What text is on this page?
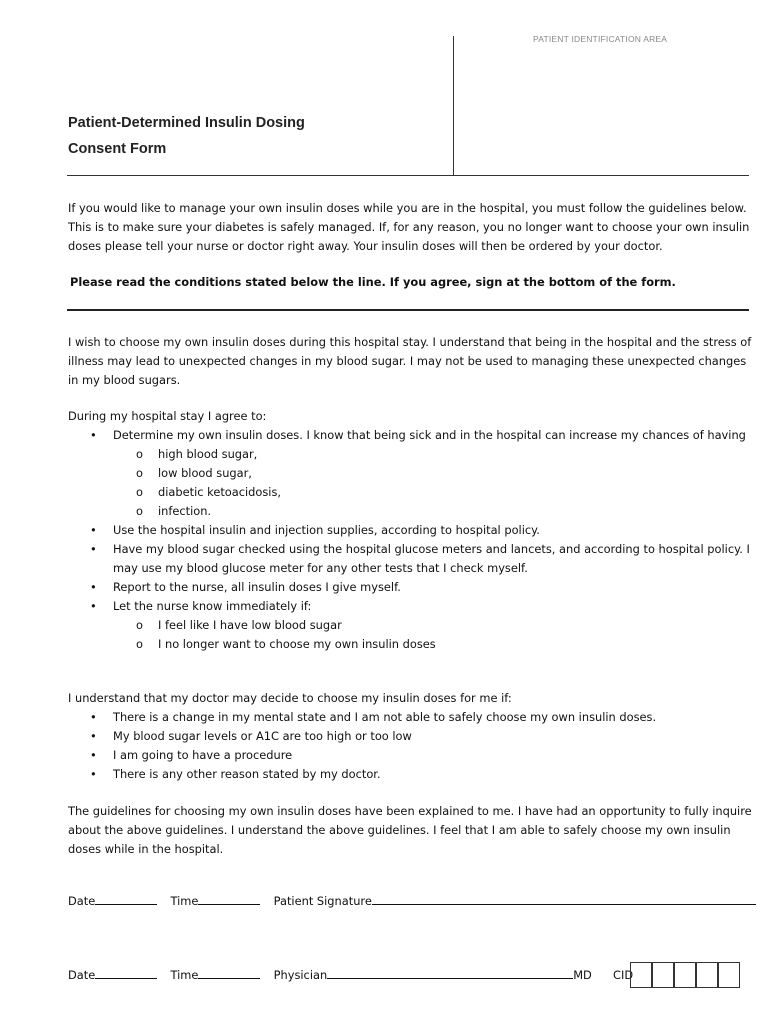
PATIENT IDENTIFICATION AREA
Patient-Determined Insulin Dosing
Consent Form

If you would like to manage your own insulin doses while you are in the hospital, you must follow the guidelines below. This is to make sure your diabetes is safely managed. If, for any reason, you no longer want to choose your own insulin doses please tell your nurse or doctor right away. Your insulin doses will then be ordered by your doctor.

Please read the conditions stated below the line. If you agree, sign at the bottom of the form.

I wish to choose my own insulin doses during this hospital stay. I understand that being in the hospital and the stress of illness may lead to unexpected changes in my blood sugar. I may not be used to managing these unexpected changes in my blood sugars.

During my hospital stay I agree to:

• Determine my own insulin doses. I know that being sick and in the hospital can increase my chances of having
o high blood sugar,
o low blood sugar,
o diabetic ketoacidosis,
o infection.
• Use the hospital insulin and injection supplies, according to hospital policy.
• Have my blood sugar checked using the hospital glucose meters and lancets, and according to hospital policy. I may use my blood glucose meter for any other tests that I check myself.
• Report to the nurse, all insulin doses I give myself.
• Let the nurse know immediately if:
o I feel like I have low blood sugar
o I no longer want to choose my own insulin doses

I understand that my doctor may decide to choose my insulin doses for me if:

• There is a change in my mental state and I am not able to safely choose my own insulin doses.
• My blood sugar levels or A1C are too high or too low
• I am going to have a procedure
• There is any other reason stated by my doctor.

The guidelines for choosing my own insulin doses have been explained to me. I have had an opportunity to fully inquire about the above guidelines. I understand the above guidelines. I feel that I am able to safely choose my own insulin doses while in the hospital.

Date	Time	Patient Signature
Date	Time	Physician	MD CID
